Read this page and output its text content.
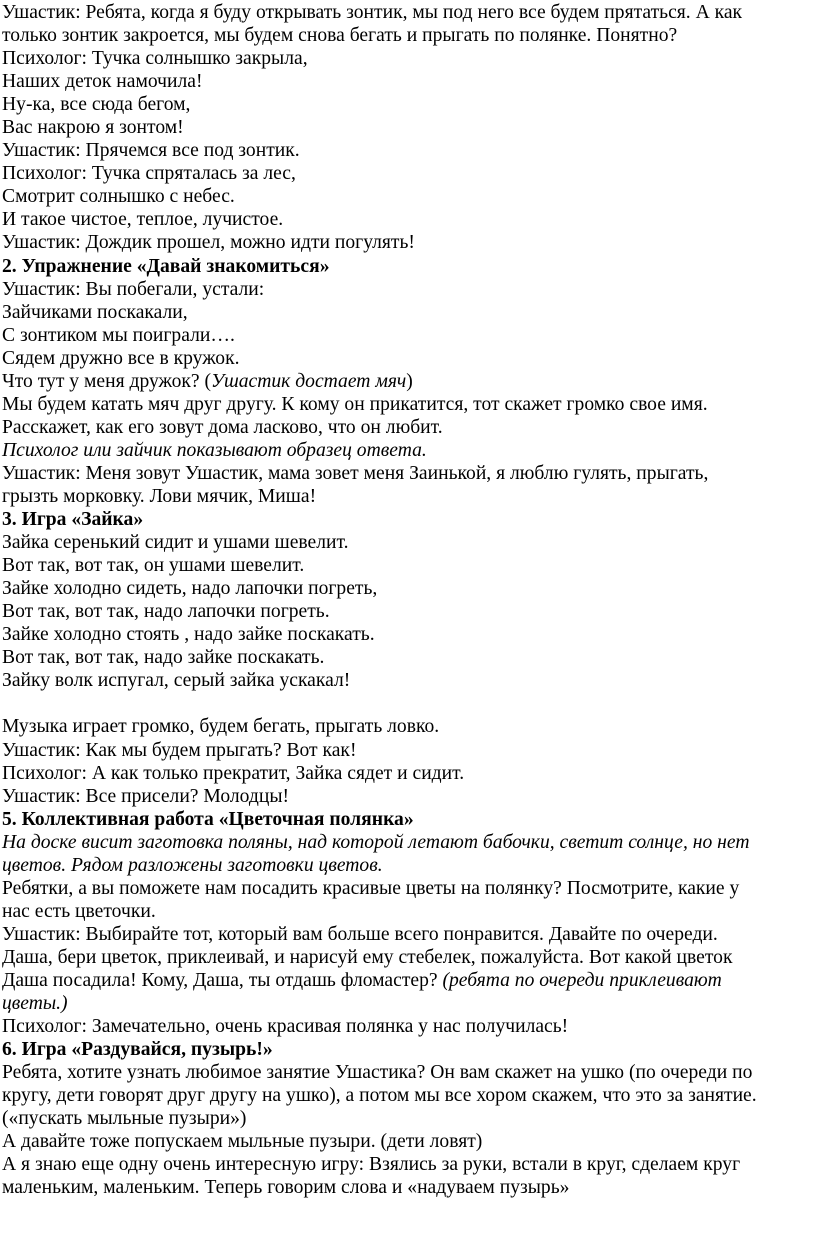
Ушастик: Ребята, когда я буду открывать зонтик, мы под него все будем прятаться. А как

только зонтик закроется, мы будем снова бегать и прыгать по полянке. Понятно?

Психолог: Тучка солнышко закрыла,

Наших деток намочила!

Ну-ка, все сюда бегом,

Вас накрою я зонтом!

Ушастик: Прячемся все под зонтик.

Психолог: Тучка спряталась за лес,

Смотрит солнышко с небес.

И такое чистое, теплое, лучистое.

Ушастик: Дождик прошел, можно идти погулять!

2. Упражнение «Давай знакомиться»

Ушастик: Вы побегали, устали:

Зайчиками поскакали,

С зонтиком мы поиграли….

Сядем дружно все в кружок.

Что тут у меня дружок? (Ушастик достает мяч)

Мы будем катать мяч друг другу. К кому он прикатится, тот скажет громко свое имя.

Расскажет, как его зовут дома ласково, что он любит.

Психолог или зайчик показывают образец ответа.

Ушастик: Меня зовут Ушастик, мама зовет меня Заинькой, я люблю гулять, прыгать,

грызть морковку. Лови мячик, Миша!

3. Игра «Зайка»

Зайка серенький сидит и ушами шевелит.

Вот так, вот так, он ушами шевелит.

Зайке холодно сидеть, надо лапочки погреть,

Вот так, вот так, надо лапочки погреть.

Зайке холодно стоять , надо зайке поскакать.

Вот так, вот так, надо зайке поскакать.

Зайку волк испугал, серый зайка ускакал!

Музыка играет громко, будем бегать, прыгать ловко.

Ушастик: Как мы будем прыгать? Вот как!

Психолог: А как только прекратит, Зайка сядет и сидит.

Ушастик: Все присели? Молодцы!

5. Коллективная работа «Цветочная полянка»

На доске висит заготовка поляны, над которой летают бабочки, светит солнце, но нет

цветов. Рядом разложены заготовки цветов.

Ребятки, а вы поможете нам посадить красивые цветы на полянку? Посмотрите, какие у

нас есть цветочки.

Ушастик: Выбирайте тот, который вам больше всего понравится. Давайте по очереди.

Даша, бери цветок, приклеивай, и нарисуй ему стебелек, пожалуйста. Вот какой цветок

Даша посадила! Кому, Даша, ты отдашь фломастер? (ребята по очереди приклеивают

цветы.)

Психолог: Замечательно, очень красивая полянка у нас получилась!

6. Игра «Раздувайся, пузырь!»

Ребята, хотите узнать любимое занятие Ушастика? Он вам скажет на ушко (по очереди по

кругу, дети говорят друг другу на ушко), а потом мы все хором скажем, что это за занятие.

(«пускать мыльные пузыри»)

А давайте тоже попускаем мыльные пузыри. (дети ловят)

А я знаю еще одну очень интересную игру: Взялись за руки, встали в круг, сделаем круг

маленьким, маленьким. Теперь говорим слова и «надуваем пузырь»
